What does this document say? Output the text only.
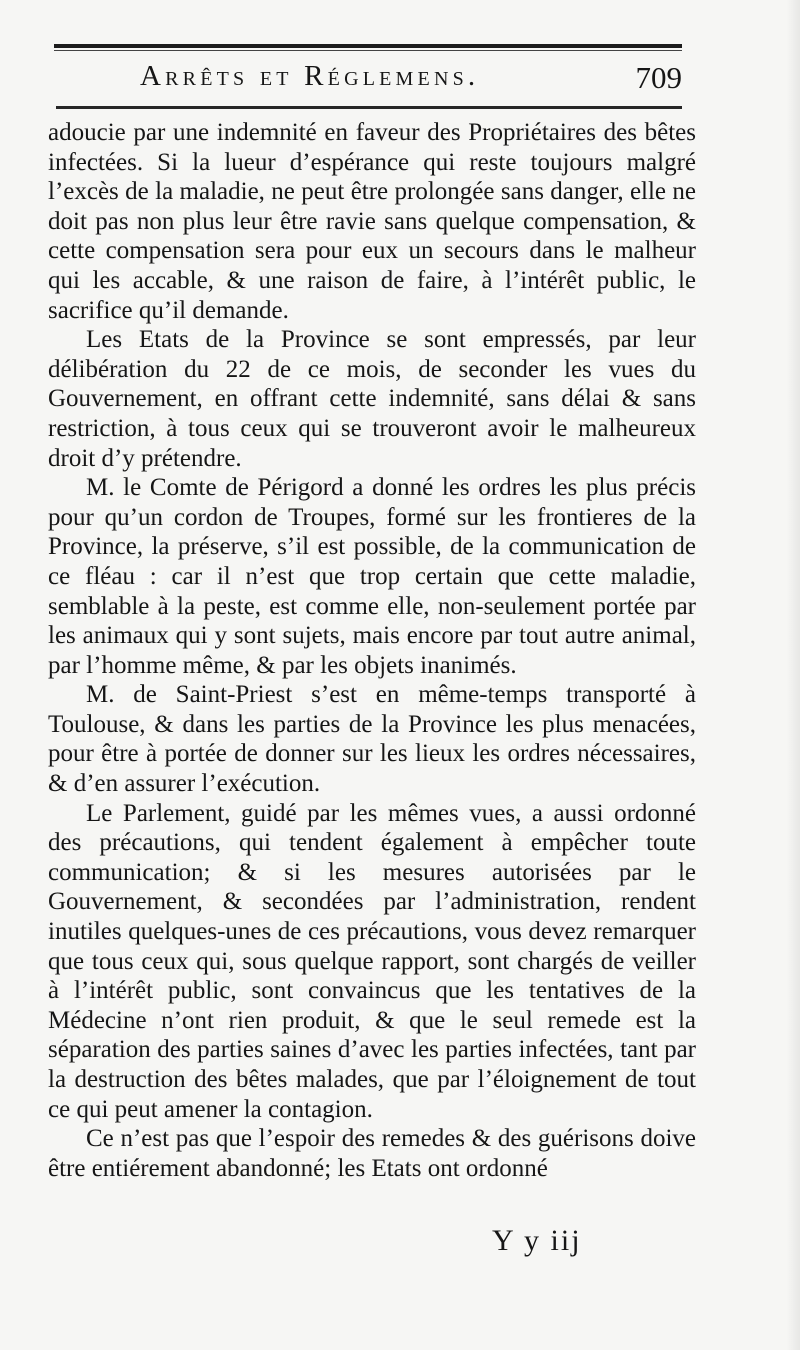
Arrêts et Réglemens.	709

adoucie par une indemnité en faveur des Propriétaires des bêtes infectées. Si la lueur d’espérance qui reste toujours malgré l’excès de la maladie, ne peut être prolongée sans danger, elle ne doit pas non plus leur être ravie sans quelque compensation, & cette compensation sera pour eux un secours dans le malheur qui les accable, & une raison de faire, à l’intérêt public, le sacrifice qu’il demande.

Les Etats de la Province se sont empressés, par leur délibération du 22 de ce mois, de seconder les vues du Gouvernement, en offrant cette indemnité, sans délai & sans restriction, à tous ceux qui se trouveront avoir le malheureux droit d’y prétendre.

M. le Comte de Périgord a donné les ordres les plus précis pour qu’un cordon de Troupes, formé sur les frontieres de la Province, la préserve, s’il est possible, de la communication de ce fléau : car il n’est que trop certain que cette maladie, semblable à la peste, est comme elle, non-seulement portée par les animaux qui y sont sujets, mais encore par tout autre animal, par l’homme même, & par les objets inanimés.

M. de Saint-Priest s’est en même-temps transporté à Toulouse, & dans les parties de la Province les plus menacées, pour être à portée de donner sur les lieux les ordres nécessaires, & d’en assurer l’exécution.

Le Parlement, guidé par les mêmes vues, a aussi ordonné des précautions, qui tendent également à empêcher toute communication; & si les mesures autorisées par le Gouvernement, & secondées par l’administration, rendent inutiles quelques-unes de ces précautions, vous devez remarquer que tous ceux qui, sous quelque rapport, sont chargés de veiller à l’intérêt public, sont convaincus que les tentatives de la Médecine n’ont rien produit, & que le seul remede est la séparation des parties saines d’avec les parties infectées, tant par la destruction des bêtes malades, que par l’éloignement de tout ce qui peut amener la contagion.

Ce n’est pas que l’espoir des remedes & des guérisons doive être entiérement abandonné; les Etats ont ordonné

Y y iij
